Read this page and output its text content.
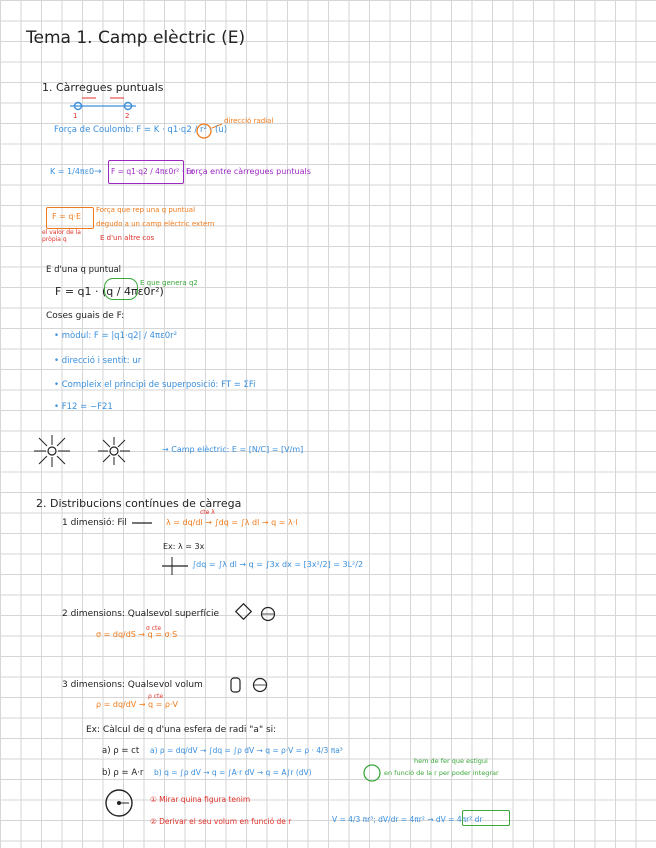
Tema 1. Camp elèctric (E)
1. Càrregues puntuals
1	2
Força de Coulomb: F = K · q1·q2 / r² · (u)
direcció radial
K = 1/4πε0 → F = q1·q2 / 4πε0r² · ur
Força entre càrregues puntuals
F = q·E
Força que rep una q puntual
degudo a un camp elèctric extern
E d'un altre cos
el valor de la pròpia q
E d'una q puntual
F = q1 · (q / 4πε0r²)
E que genera q2
Coses guais de F:
• mòdul: F = |q1·q2| / 4πε0r²
• direcció i sentit: ur
• Compleix el principi de superposició: FT = ΣFi
• F12 = −F21
→ Camp elèctric: E = [N/C] = [V/m]
2. Distribucions contínues de càrrega
1 dimensió: Fil	λ = dq/dl → ∫dq = ∫λ dl → q = λ·l
cte λ
Ex: λ = 3x
∫dq = ∫λ dl → q = ∫3x dx = [3x²/2] = 3L²/2
2 dimensions: Qualsevol superfície
σ = dq/dS → q = σ·S
σ cte
3 dimensions: Qualsevol volum
ρ = dq/dV → q = ρ·V
ρ cte
Ex: Càlcul de q d'una esfera de radi "a" si:
a) ρ = ct a) ρ = dq/dV → ∫dq = ∫ρ dV → q = ρ·V = ρ · 4/3 πa³
b) ρ = A·r b) q = ∫ρ dV → q = ∫A·r dV → q = A∫r (dV)
hem de fer que estigui
en funció de la r per poder integrar
① Mirar quina figura tenim
② Derivar el seu volum en funció de r	V = 4/3 πr³; dV/dr = 4πr² → dV = 4πr² dr
